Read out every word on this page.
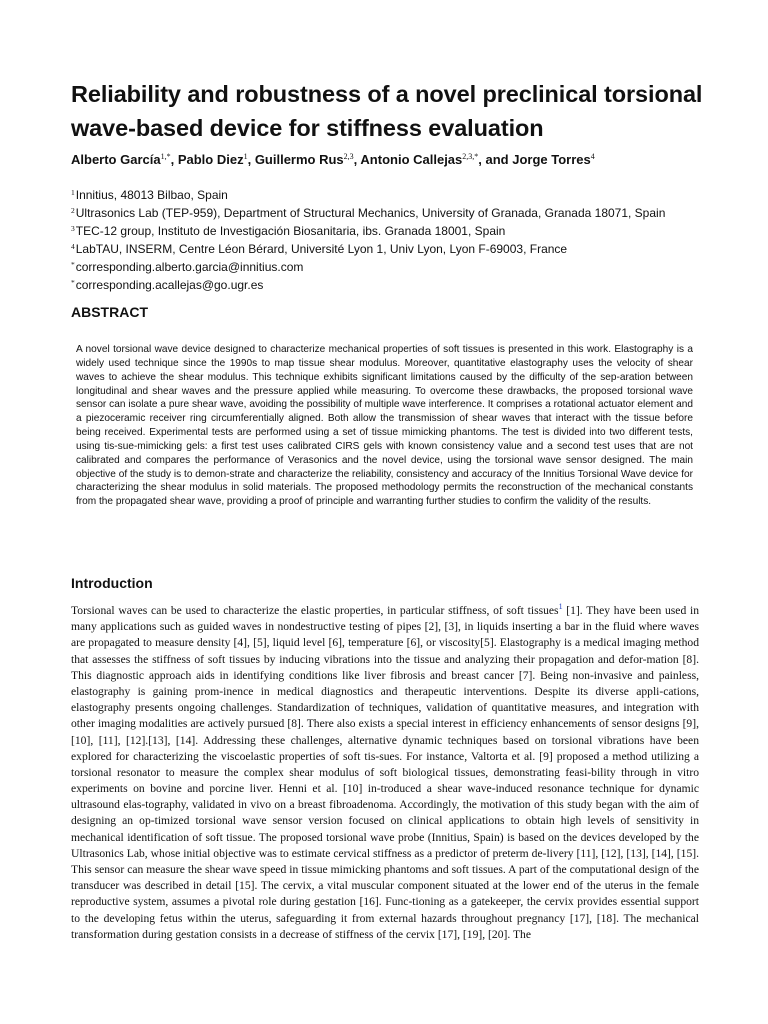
Reliability and robustness of a novel preclinical torsional wave-based device for stiffness evaluation
Alberto García$^{1,*}$, Pablo Diez$^1$, Guillermo Rus$^{2,3}$, Antonio Callejas$^{2,3,*}$, and Jorge Torres$^4$
$^1$Innitius, 48013 Bilbao, Spain
$^2$Ultrasonics Lab (TEP-959), Department of Structural Mechanics, University of Granada, Granada 18071, Spain
$^3$TEC-12 group, Instituto de Investigación Biosanitaria, ibs. Granada 18001, Spain
$^4$LabTAU, INSERM, Centre Léon Bérard, Université Lyon 1, Univ Lyon, Lyon F-69003, France
*corresponding.alberto.garcia@innitius.com
*corresponding.acallejas@go.ugr.es
ABSTRACT

A novel torsional wave device designed to characterize mechanical properties of soft tissues is presented in this work. Elastography is a widely used technique since the 1990s to map tissue shear modulus. Moreover, quantitative elastography uses the velocity of shear waves to achieve the shear modulus. This technique exhibits significant limitations caused by the difficulty of the sep-aration between longitudinal and shear waves and the pressure applied while measuring. To overcome these drawbacks, the proposed torsional wave sensor can isolate a pure shear wave, avoiding the possibility of multiple wave interference. It comprises a rotational actuator element and a piezoceramic receiver ring circumferentially aligned. Both allow the transmission of shear waves that interact with the tissue before being received. Experimental tests are performed using a set of tissue mimicking phantoms. The test is divided into two different tests, using tis-sue-mimicking gels: a first test uses calibrated CIRS gels with known consistency value and a second test uses that are not calibrated and compares the performance of Verasonics and the novel device, using the torsional wave sensor designed. The main objective of the study is to demon-strate and characterize the reliability, consistency and accuracy of the Innitius Torsional Wave device for characterizing the shear modulus in solid materials. The proposed methodology permits the reconstruction of the mechanical constants from the propagated shear wave, providing a proof of principle and warranting further studies to confirm the validity of the results.

Introduction

Torsional waves can be used to characterize the elastic properties, in particular stiffness, of soft tissues$^1$ [1]. They have been used in many applications such as guided waves in nondestructive testing of pipes [2], [3], in liquids inserting a bar in the fluid where waves are propagated to measure density [4], [5], liquid level [6], temperature [6], or viscosity[5]. Elastography is a medical imaging method that assesses the stiffness of soft tissues by inducing vibrations into the tissue and analyzing their propagation and defor-mation [8]. This diagnostic approach aids in identifying conditions like liver fibrosis and breast cancer [7]. Being non-invasive and painless, elastography is gaining prom-inence in medical diagnostics and therapeutic interventions. Despite its diverse appli-cations, elastography presents ongoing challenges. Standardization of techniques, validation of quantitative measures, and integration with other imaging modalities are actively pursued [8]. There also exists a special interest in efficiency enhancements of sensor designs [9], [10], [11], [12].[13], [14]. Addressing these challenges, alternative dynamic techniques based on torsional vibrations have been explored for characterizing the viscoelastic properties of soft tis-sues. For instance, Valtorta et al. [9] proposed a method utilizing a torsional resonator to measure the complex shear modulus of soft biological tissues, demonstrating feasi-bility through in vitro experiments on bovine and porcine liver. Henni et al. [10] in-troduced a shear wave-induced resonance technique for dynamic ultrasound elas-tography, validated in vivo on a breast fibroadenoma. Accordingly, the motivation of this study began with the aim of designing an op-timized torsional wave sensor version focused on clinical applications to obtain high levels of sensitivity in mechanical identification of soft tissue. The proposed torsional wave probe (Innitius, Spain) is based on the devices developed by the Ultrasonics Lab, whose initial objective was to estimate cervical stiffness as a predictor of preterm de-livery [11], [12], [13], [14], [15]. This sensor can measure the shear wave speed in tissue mimicking phantoms and soft tissues. A part of the computational design of the transducer was described in detail [15]. The cervix, a vital muscular component situated at the lower end of the uterus in the female reproductive system, assumes a pivotal role during gestation [16]. Func-tioning as a gatekeeper, the cervix provides essential support to the developing fetus within the uterus, safeguarding it from external hazards throughout pregnancy [17], [18]. The mechanical transformation during gestation consists in a decrease of stiffness of the cervix [17], [19], [20]. The
